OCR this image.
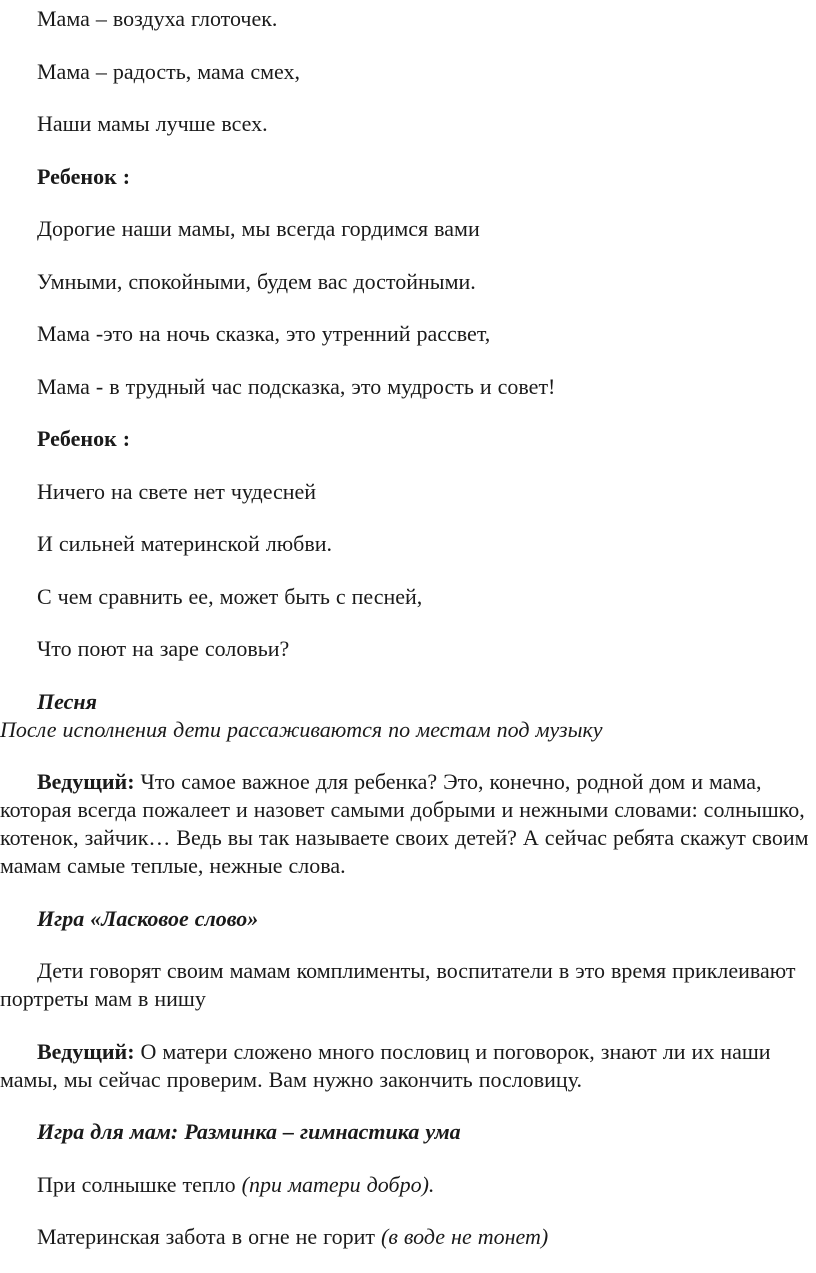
Мама – воздуха глоточек.

Мама – радость, мама смех,

Наши мамы лучше всех.

Ребенок :

Дорогие наши мамы, мы всегда гордимся вами

Умными, спокойными, будем вас достойными.

Мама -это на ночь сказка, это утренний рассвет,

Мама - в трудный час подсказка, это мудрость и совет!

Ребенок :

Ничего на свете нет чудесней

И сильней материнской любви.

С чем сравнить ее, может быть с песней,

Что поют на заре соловьи?

Песня

После исполнения дети рассаживаются по местам под музыку

Ведущий: Что самое важное для ребенка? Это, конечно, родной дом и мама, которая всегда пожалеет и назовет самыми добрыми и нежными словами: солнышко, котенок, зайчик… Ведь вы так называете своих детей? А сейчас ребята скажут своим мамам самые теплые, нежные слова.

Игра «Ласковое слово»

Дети говорят своим мамам комплименты, воспитатели в это время приклеивают портреты мам в нишу

Ведущий: О матери сложено много пословиц и поговорок, знают ли их наши мамы, мы сейчас проверим. Вам нужно закончить пословицу.

Игра для мам: Разминка – гимнастика ума

При солнышке тепло (при матери добро).

Материнская забота в огне не горит (в воде не тонет)
